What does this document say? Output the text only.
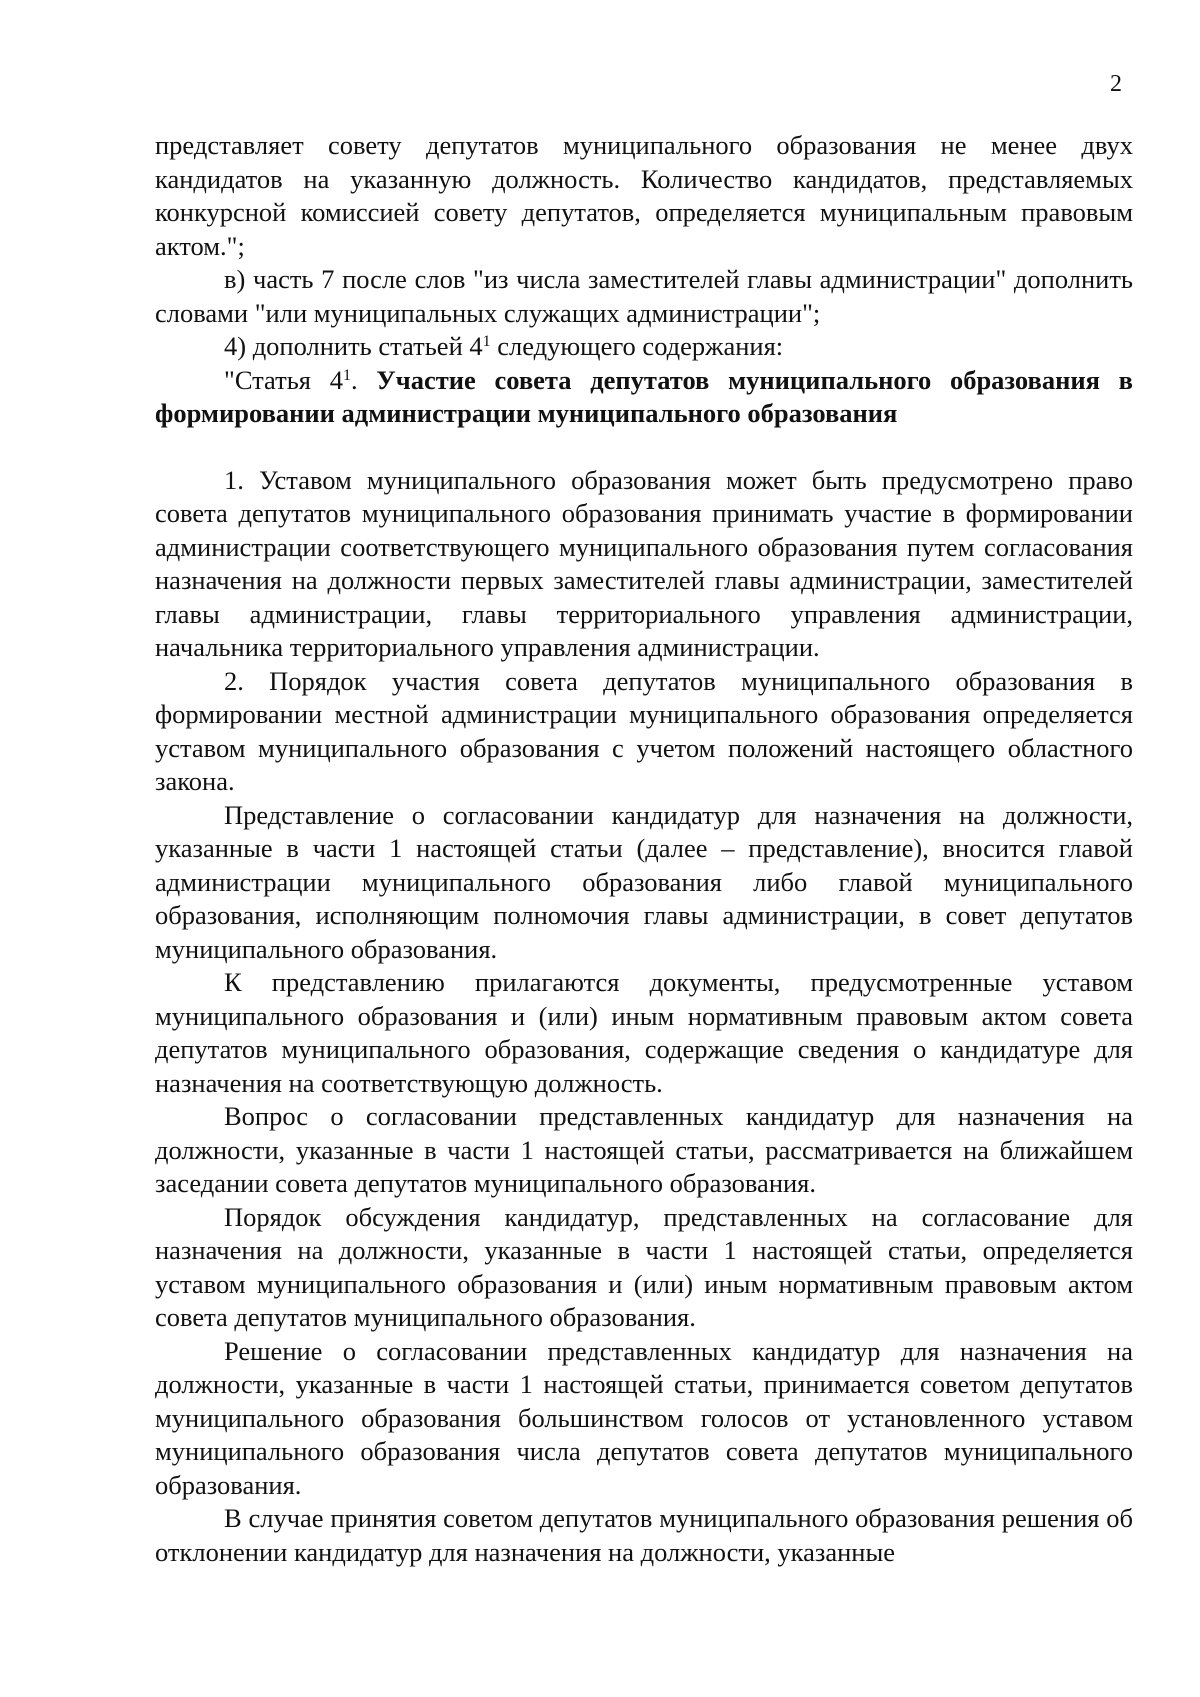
2

представляет совету депутатов муниципального образования не менее двух кандидатов на указанную должность. Количество кандидатов, представляемых конкурсной комиссией совету депутатов, определяется муниципальным правовым актом.";

в) часть 7 после слов "из числа заместителей главы администрации" дополнить словами "или муниципальных служащих администрации";

4) дополнить статьей $4^1$ следующего содержания:

"Статья $4^1$. Участие совета депутатов муниципального образования в формировании администрации муниципального образования

1. Уставом муниципального образования может быть предусмотрено право совета депутатов муниципального образования принимать участие в формировании администрации соответствующего муниципального образования путем согласования назначения на должности первых заместителей главы администрации, заместителей главы администрации, главы территориального управления администрации, начальника территориального управления администрации.

2. Порядок участия совета депутатов муниципального образования в формировании местной администрации муниципального образования определяется уставом муниципального образования с учетом положений настоящего областного закона.

Представление о согласовании кандидатур для назначения на должности, указанные в части 1 настоящей статьи (далее – представление), вносится главой администрации муниципального образования либо главой муниципального образования, исполняющим полномочия главы администрации, в совет депутатов муниципального образования.

К представлению прилагаются документы, предусмотренные уставом муниципального образования и (или) иным нормативным правовым актом совета депутатов муниципального образования, содержащие сведения о кандидатуре для назначения на соответствующую должность.

Вопрос о согласовании представленных кандидатур для назначения на должности, указанные в части 1 настоящей статьи, рассматривается на ближайшем заседании совета депутатов муниципального образования.

Порядок обсуждения кандидатур, представленных на согласование для назначения на должности, указанные в части 1 настоящей статьи, определяется уставом муниципального образования и (или) иным нормативным правовым актом совета депутатов муниципального образования.

Решение о согласовании представленных кандидатур для назначения на должности, указанные в части 1 настоящей статьи, принимается советом депутатов муниципального образования большинством голосов от установленного уставом муниципального образования числа депутатов совета депутатов муниципального образования.

В случае принятия советом депутатов муниципального образования решения об отклонении кандидатур для назначения на должности, указанные
